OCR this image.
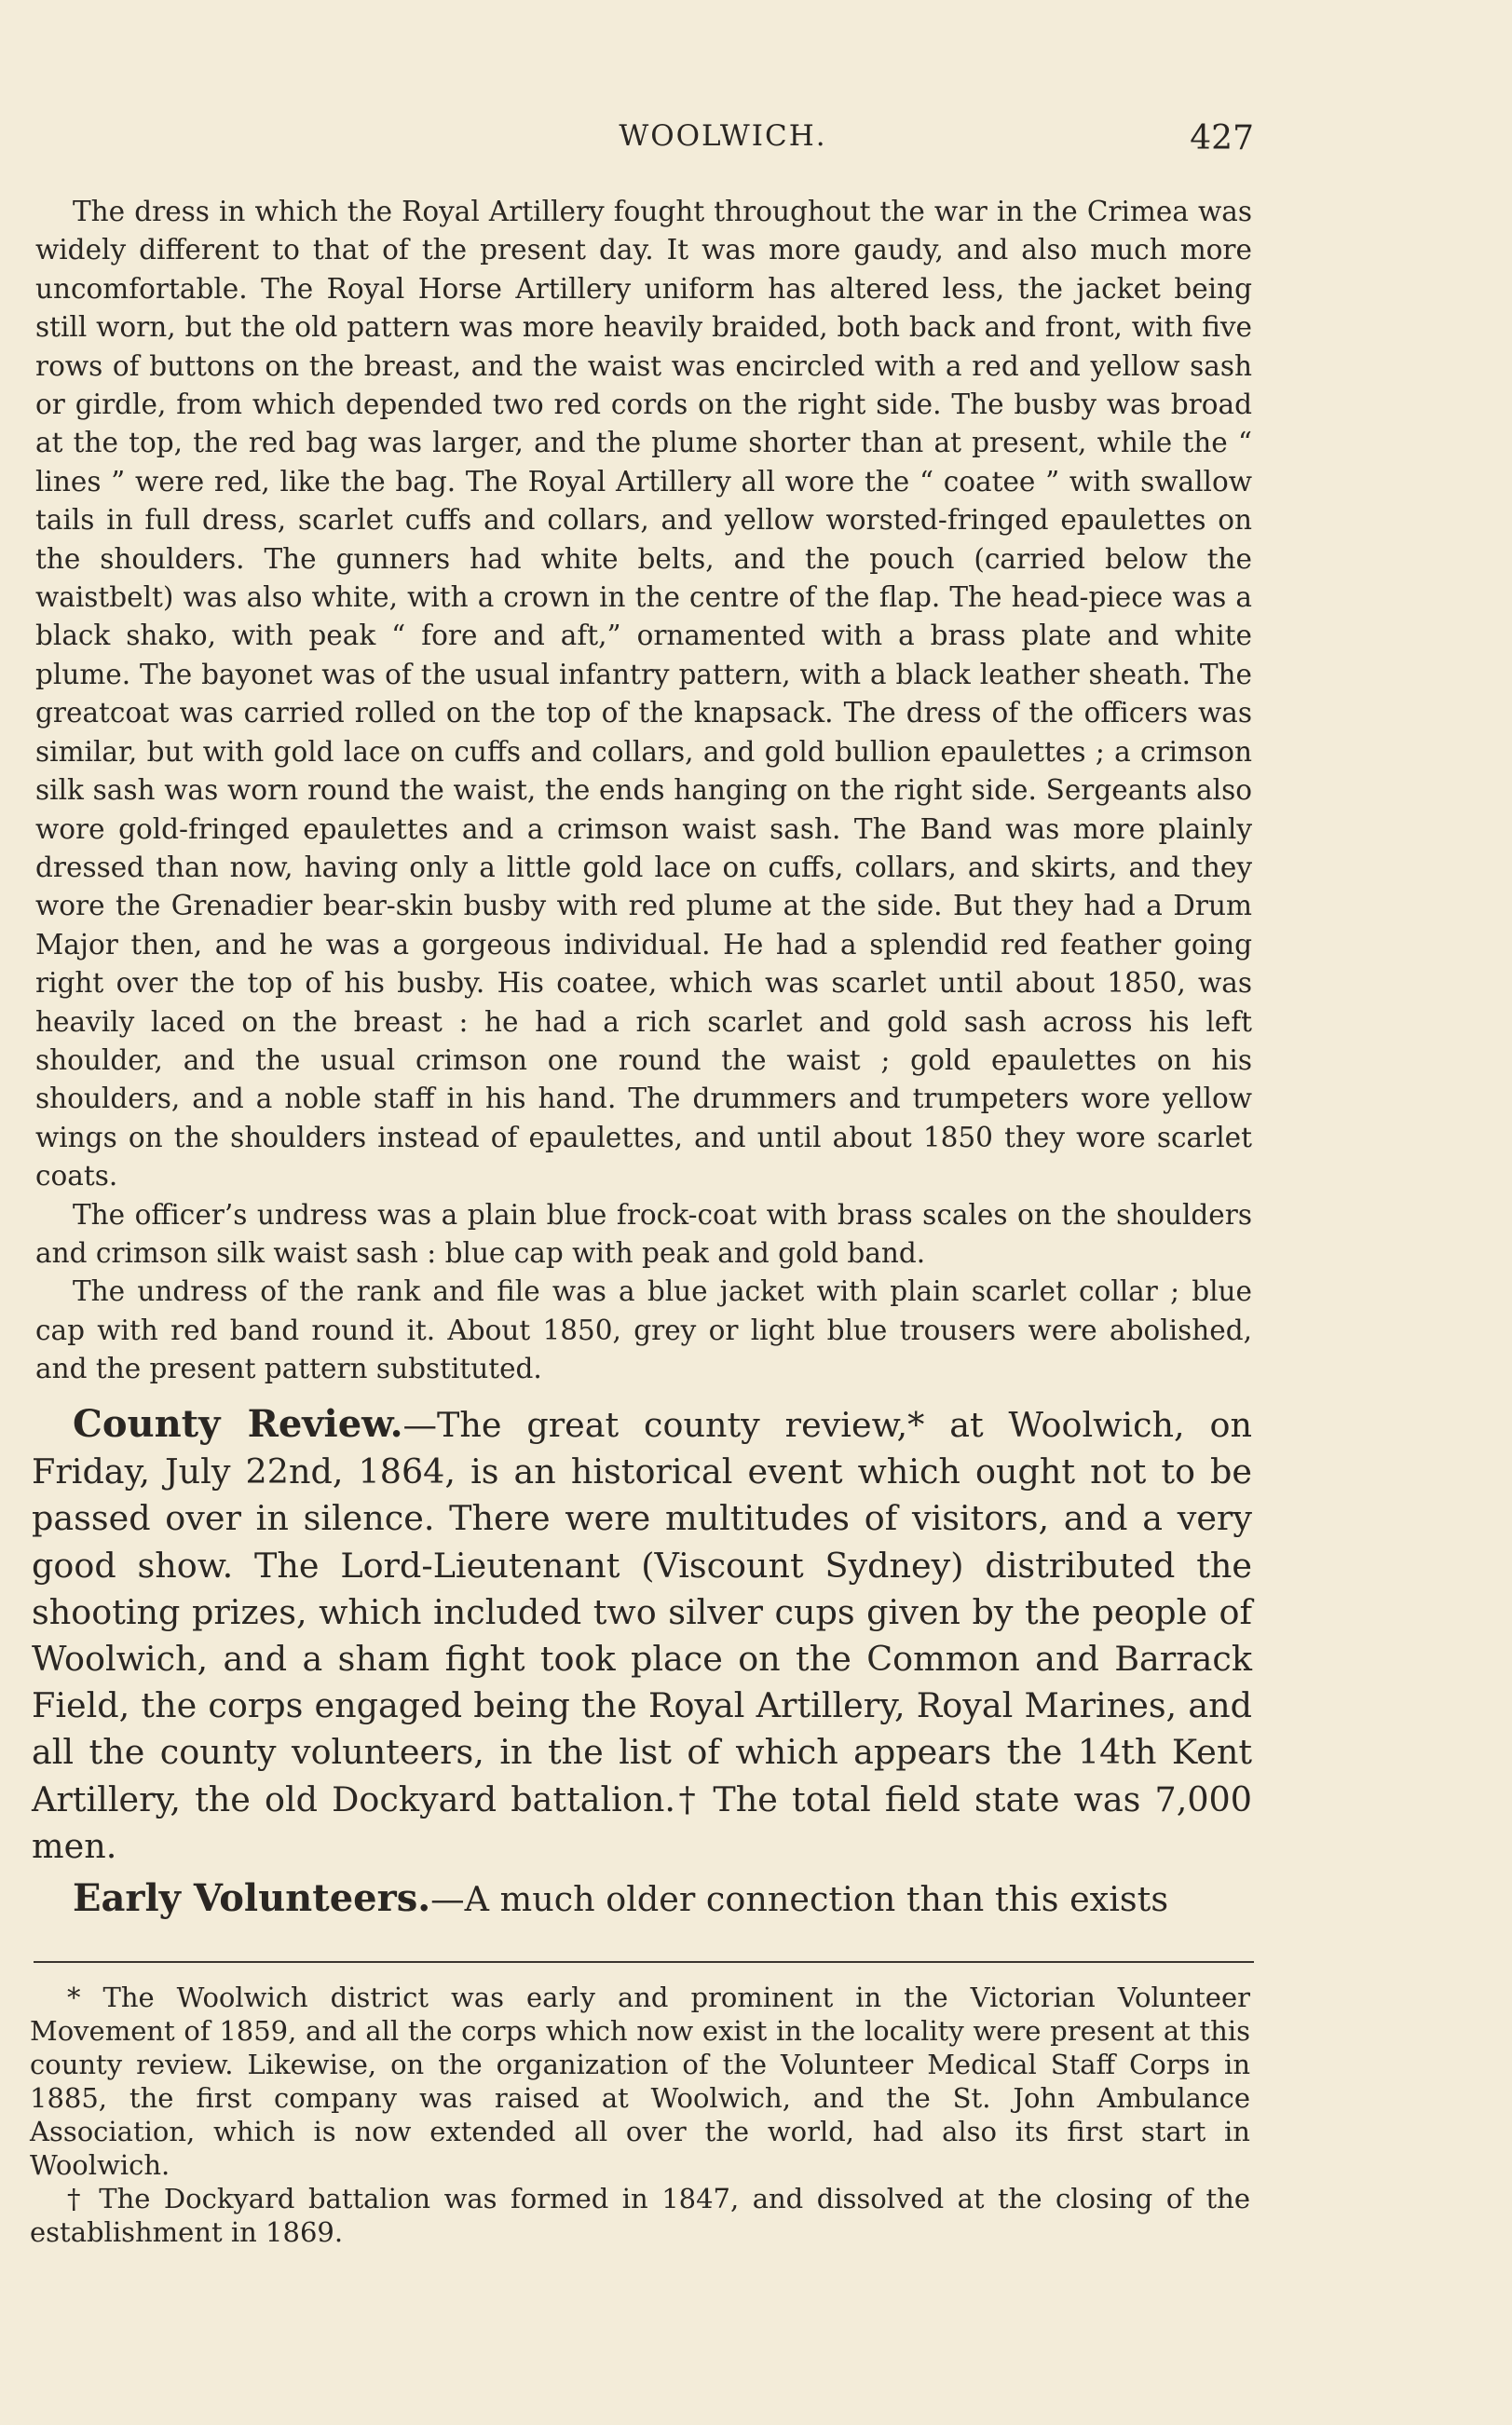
WOOLWICH.	427

The dress in which the Royal Artillery fought throughout the war in the Crimea was widely different to that of the present day. It was more gaudy, and also much more uncomfortable. The Royal Horse Artillery uniform has altered less, the jacket being still worn, but the old pattern was more heavily braided, both back and front, with five rows of buttons on the breast, and the waist was encircled with a red and yellow sash or girdle, from which depended two red cords on the right side. The busby was broad at the top, the red bag was larger, and the plume shorter than at present, while the “ lines ” were red, like the bag. The Royal Artillery all wore the “ coatee ” with swallow tails in full dress, scarlet cuffs and collars, and yellow worsted-fringed epaulettes on the shoulders. The gunners had white belts, and the pouch (carried below the waistbelt) was also white, with a crown in the centre of the flap. The head-piece was a black shako, with peak “ fore and aft,” ornamented with a brass plate and white plume. The bayonet was of the usual infantry pattern, with a black leather sheath. The greatcoat was carried rolled on the top of the knapsack. The dress of the officers was similar, but with gold lace on cuffs and collars, and gold bullion epaulettes ; a crimson silk sash was worn round the waist, the ends hanging on the right side. Sergeants also wore gold-fringed epaulettes and a crimson waist sash. The Band was more plainly dressed than now, having only a little gold lace on cuffs, collars, and skirts, and they wore the Grenadier bear-skin busby with red plume at the side. But they had a Drum Major then, and he was a gorgeous individual. He had a splendid red feather going right over the top of his busby. His coatee, which was scarlet until about 1850, was heavily laced on the breast : he had a rich scarlet and gold sash across his left shoulder, and the usual crimson one round the waist ; gold epaulettes on his shoulders, and a noble staff in his hand. The drummers and trumpeters wore yellow wings on the shoulders instead of epaulettes, and until about 1850 they wore scarlet coats.

The officer’s undress was a plain blue frock-coat with brass scales on the shoulders and crimson silk waist sash : blue cap with peak and gold band.

The undress of the rank and file was a blue jacket with plain scarlet collar ; blue cap with red band round it. About 1850, grey or light blue trousers were abolished, and the present pattern substituted.

County Review.—The great county review,* at Woolwich, on Friday, July 22nd, 1864, is an historical event which ought not to be passed over in silence. There were multitudes of visitors, and a very good show. The Lord-Lieutenant (Viscount Sydney) distributed the shooting prizes, which included two silver cups given by the people of Woolwich, and a sham fight took place on the Common and Barrack Field, the corps engaged being the Royal Artillery, Royal Marines, and all the county volunteers, in the list of which appears the 14th Kent Artillery, the old Dockyard battalion.† The total field state was 7,000 men.

Early Volunteers.—A much older connection than this exists

* The Woolwich district was early and prominent in the Victorian Volunteer Movement of 1859, and all the corps which now exist in the locality were present at this county review. Likewise, on the organization of the Volunteer Medical Staff Corps in 1885, the first company was raised at Woolwich, and the St. John Ambulance Association, which is now extended all over the world, had also its first start in Woolwich.

† The Dockyard battalion was formed in 1847, and dissolved at the closing of the establishment in 1869.
